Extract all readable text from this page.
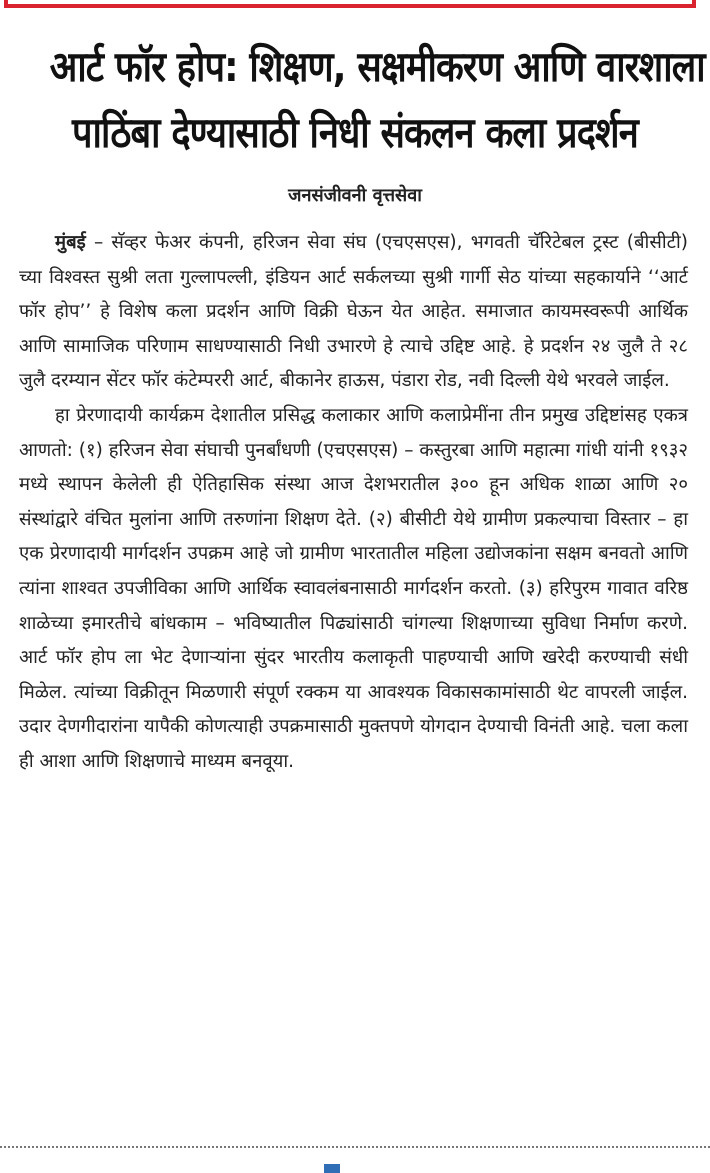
आर्ट फॉर होप: शिक्षण, सक्षमीकरण आणि वारशाला
पाठिंबा देण्यासाठी निधी संकलन कला प्रदर्शन
जनसंजीवनी वृत्तसेवा

मुंबई – सॅव्हर फेअर कंपनी, हरिजन सेवा संघ (एचएसएस), भगवती चॅरिटेबल ट्रस्ट (बीसीटी) च्या विश्वस्त सुश्री लता गुल्लापल्ली, इंडियन आर्ट सर्कलच्या सुश्री गार्गी सेठ यांच्या सहकार्याने ‘‘आर्ट फॉर होप’’ हे विशेष कला प्रदर्शन आणि विक्री घेऊन येत आहेत. समाजात कायमस्वरूपी आर्थिक आणि सामाजिक परिणाम साधण्यासाठी निधी उभारणे हे त्याचे उद्दिष्ट आहे. हे प्रदर्शन २४ जुलै ते २८ जुलै दरम्यान सेंटर फॉर कंटेम्पररी आर्ट, बीकानेर हाऊस, पंडारा रोड, नवी दिल्ली येथे भरवले जाईल.

हा प्रेरणादायी कार्यक्रम देशातील प्रसिद्ध कलाकार आणि कलाप्रेमींना तीन प्रमुख उद्दिष्टांसह एकत्र आणतो: (१) हरिजन सेवा संघाची पुनर्बांधणी (एचएसएस) – कस्तुरबा आणि महात्मा गांधी यांनी १९३२ मध्ये स्थापन केलेली ही ऐतिहासिक संस्था आज देशभरातील ३०० हून अधिक शाळा आणि २० संस्थांद्वारे वंचित मुलांना आणि तरुणांना शिक्षण देते. (२) बीसीटी येथे ग्रामीण प्रकल्पाचा विस्तार – हा एक प्रेरणादायी मार्गदर्शन उपक्रम आहे जो ग्रामीण भारतातील महिला उद्योजकांना सक्षम बनवतो आणि त्यांना शाश्वत उपजीविका आणि आर्थिक स्वावलंबनासाठी मार्गदर्शन करतो. (३) हरिपुरम गावात वरिष्ठ शाळेच्या इमारतीचे बांधकाम – भविष्यातील पिढ्यांसाठी चांगल्या शिक्षणाच्या सुविधा निर्माण करणे. आर्ट फॉर होप ला भेट देणाऱ्यांना सुंदर भारतीय कलाकृती पाहण्याची आणि खरेदी करण्याची संधी मिळेल. त्यांच्या विक्रीतून मिळणारी संपूर्ण रक्कम या आवश्यक विकासकामांसाठी थेट वापरली जाईल. उदार देणगीदारांना यापैकी कोणत्याही उपक्रमासाठी मुक्तपणे योगदान देण्याची विनंती आहे. चला कला ही आशा आणि शिक्षणाचे माध्यम बनवूया.
